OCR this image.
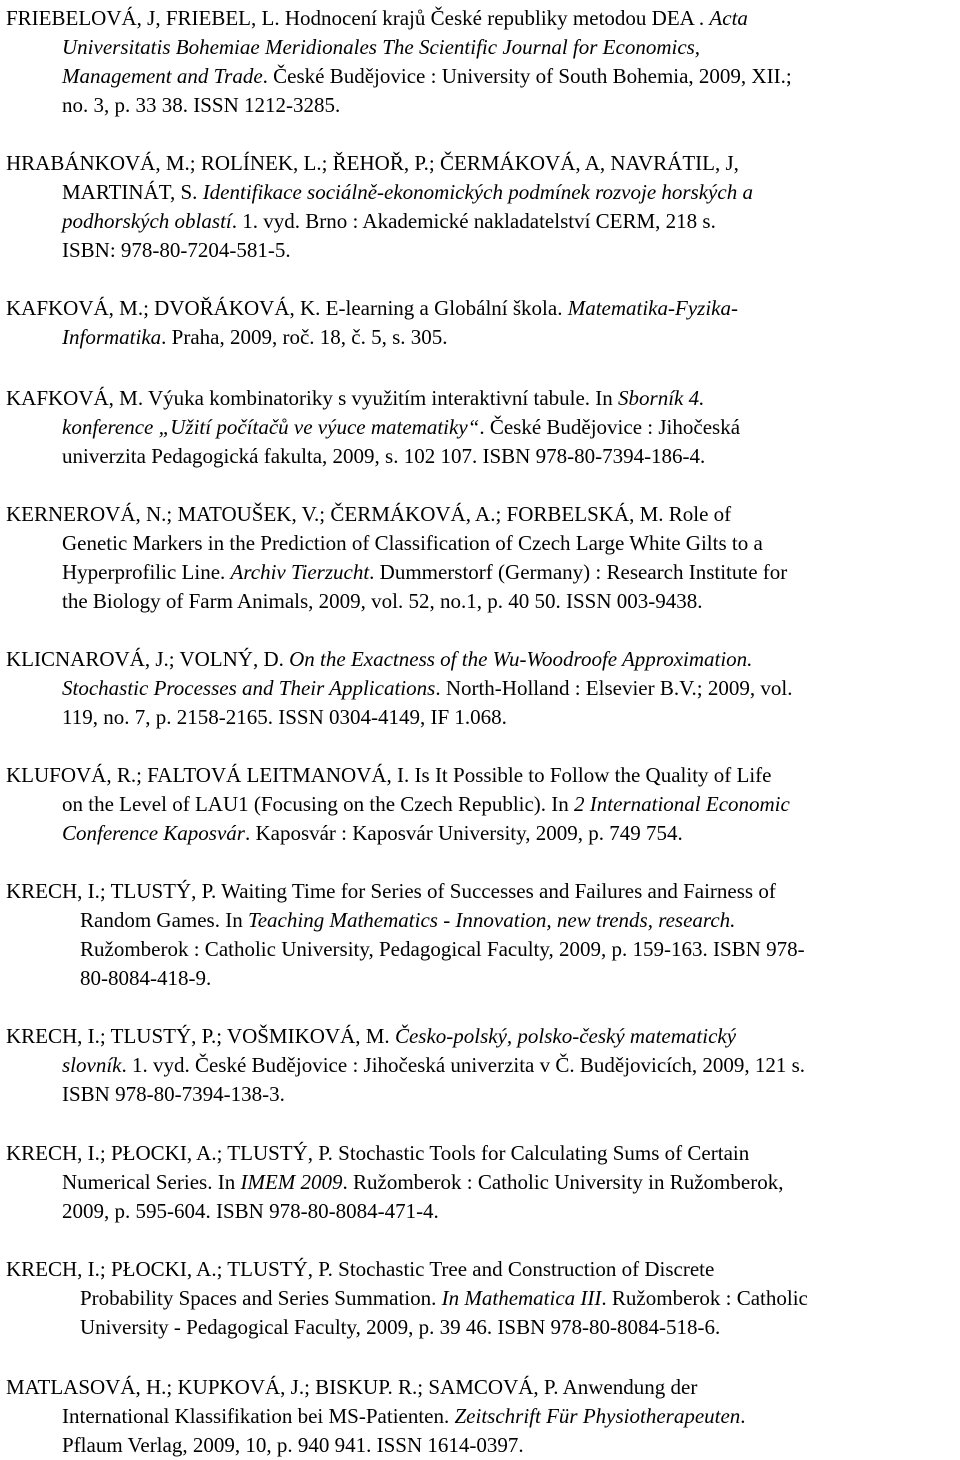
FRIEBELOVÁ, J, FRIEBEL, L. Hodnocení krajů České republiky metodou DEA . Acta
Universitatis Bohemiae Meridionales The Scientific Journal for Economics,
Management and Trade. České Budějovice : University of South Bohemia, 2009, XII.;
no. 3, p. 33 38. ISSN 1212-3285.
HRABÁNKOVÁ, M.; ROLÍNEK, L.; ŘEHOŘ, P.; ČERMÁKOVÁ, A, NAVRÁTIL, J,
MARTINÁT, S. Identifikace sociálně-ekonomických podmínek rozvoje horských a
podhorských oblastí. 1. vyd. Brno : Akademické nakladatelství CERM, 218 s.
ISBN: 978-80-7204-581-5.
KAFKOVÁ, M.; DVOŘÁKOVÁ, K. E-learning a Globální škola. Matematika-Fyzika-
Informatika. Praha, 2009, roč. 18, č. 5, s. 305.
KAFKOVÁ, M. Výuka kombinatoriky s využitím interaktivní tabule. In Sborník 4.
konference „Užití počítačů ve výuce matematiky“. České Budějovice : Jihočeská
univerzita Pedagogická fakulta, 2009, s. 102 107. ISBN 978-80-7394-186-4.
KERNEROVÁ, N.; MATOUŠEK, V.; ČERMÁKOVÁ, A.; FORBELSKÁ, M. Role of
Genetic Markers in the Prediction of Classification of Czech Large White Gilts to a
Hyperprofilic Line. Archiv Tierzucht. Dummerstorf (Germany) : Research Institute for
the Biology of Farm Animals, 2009, vol. 52, no.1, p. 40 50. ISSN 003-9438.
KLICNAROVÁ, J.; VOLNÝ, D. On the Exactness of the Wu-Woodroofe Approximation.
Stochastic Processes and Their Applications. North-Holland : Elsevier B.V.; 2009, vol.
119, no. 7, p. 2158-2165. ISSN 0304-4149, IF 1.068.
KLUFOVÁ, R.; FALTOVÁ LEITMANOVÁ, I. Is It Possible to Follow the Quality of Life
on the Level of LAU1 (Focusing on the Czech Republic). In 2 International Economic
Conference Kaposvár. Kaposvár : Kaposvár University, 2009, p. 749 754.
KRECH, I.; TLUSTÝ, P. Waiting Time for Series of Successes and Failures and Fairness of
Random Games. In Teaching Mathematics - Innovation, new trends, research.
Ružomberok : Catholic University, Pedagogical Faculty, 2009, p. 159-163. ISBN 978-
80-8084-418-9.
KRECH, I.; TLUSTÝ, P.; VOŠMIKOVÁ, M. Česko-polský, polsko-český matematický
slovník. 1. vyd. České Budějovice : Jihočeská univerzita v Č. Budějovicích, 2009, 121 s.
ISBN 978-80-7394-138-3.
KRECH, I.; PŁOCKI, A.; TLUSTÝ, P. Stochastic Tools for Calculating Sums of Certain
Numerical Series. In IMEM 2009. Ružomberok : Catholic University in Ružomberok,
2009, p. 595-604. ISBN 978-80-8084-471-4.
KRECH, I.; PŁOCKI, A.; TLUSTÝ, P. Stochastic Tree and Construction of Discrete
Probability Spaces and Series Summation. In Mathematica III. Ružomberok : Catholic
University - Pedagogical Faculty, 2009, p. 39 46. ISBN 978-80-8084-518-6.
MATLASOVÁ, H.; KUPKOVÁ, J.; BISKUP. R.; SAMCOVÁ, P. Anwendung der
International Klassifikation bei MS-Patienten. Zeitschrift Für Physiotherapeuten.
Pflaum Verlag, 2009, 10, p. 940 941. ISSN 1614-0397.
